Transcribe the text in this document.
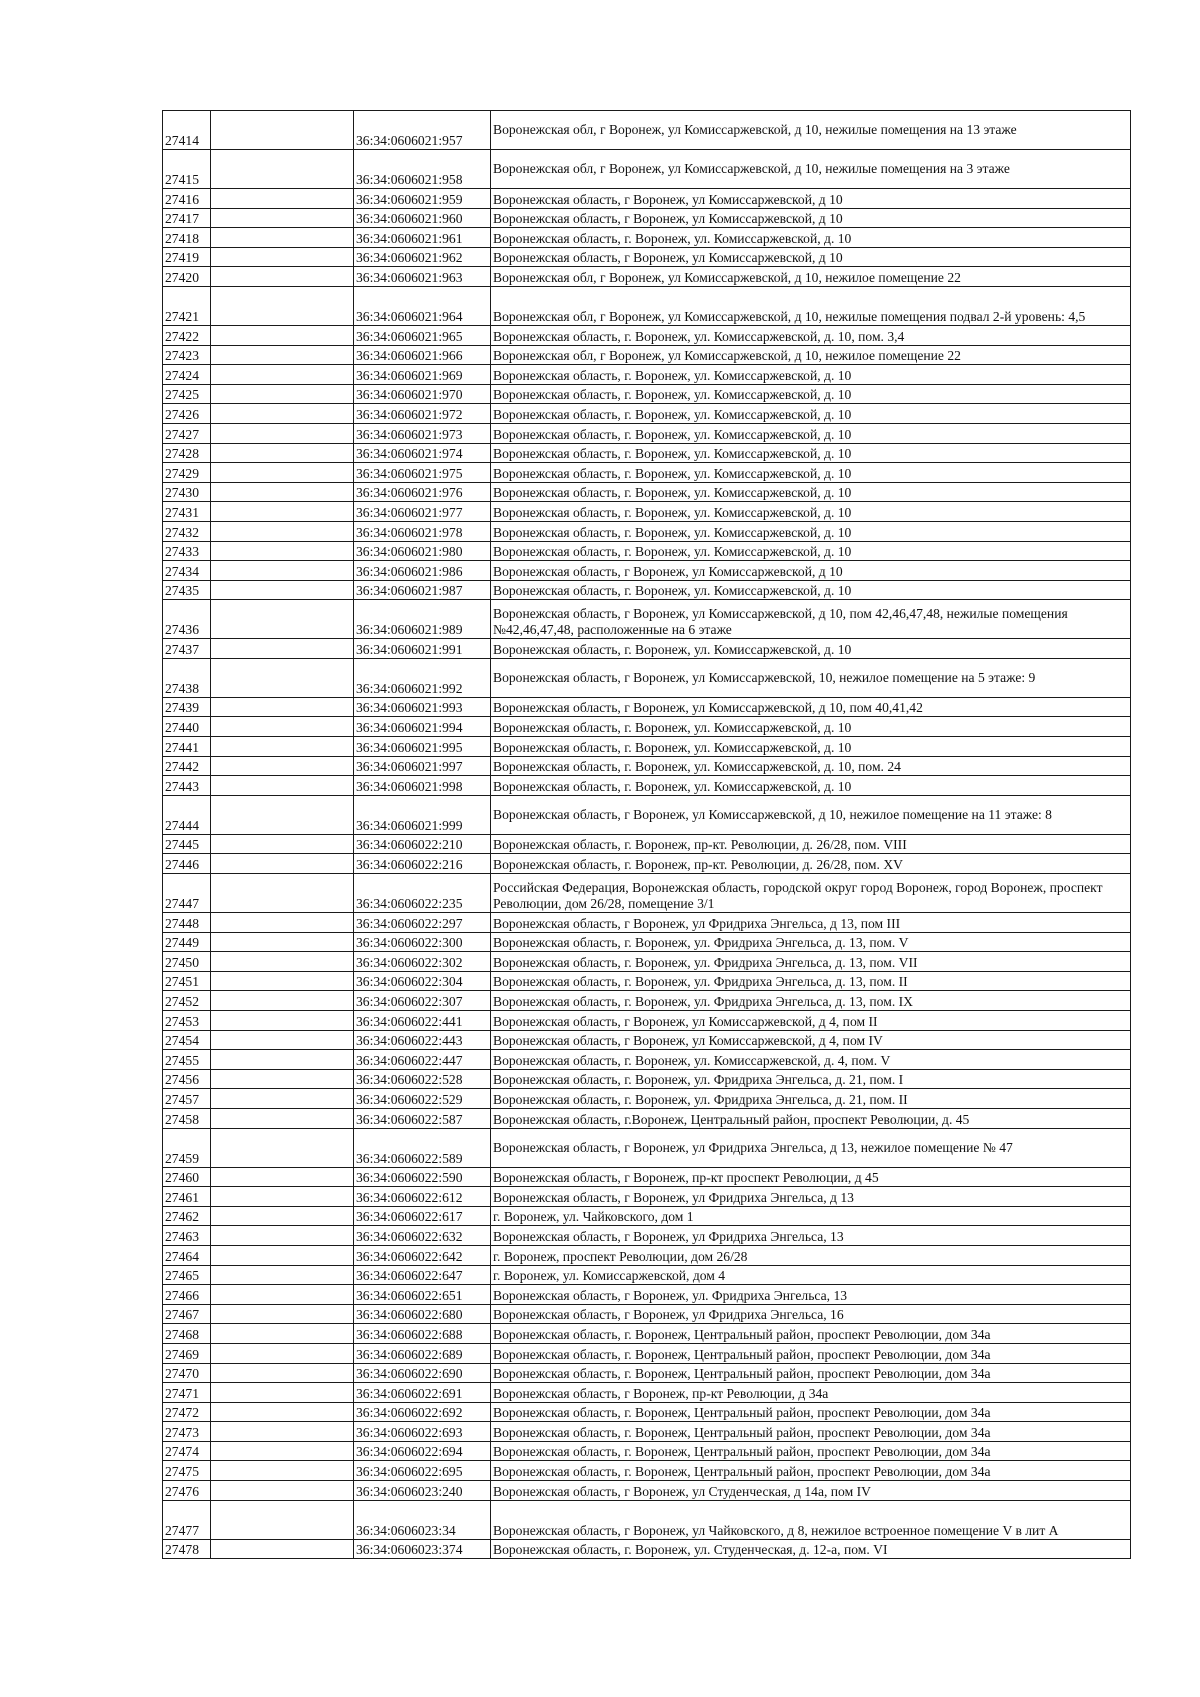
27414		36:34:0606021:957	Воронежская обл, г Воронеж, ул Комиссаржевской, д 10, нежилые помещения на 13 этаже
27415		36:34:0606021:958	Воронежская обл, г Воронеж, ул Комиссаржевской, д 10, нежилые помещения на 3 этаже
27416		36:34:0606021:959	Воронежская область, г Воронеж, ул Комиссаржевской, д 10
27417		36:34:0606021:960	Воронежская область, г Воронеж, ул Комиссаржевской, д 10
27418		36:34:0606021:961	Воронежская область, г. Воронеж, ул. Комиссаржевской, д. 10
27419		36:34:0606021:962	Воронежская область, г Воронеж, ул Комиссаржевской, д 10
27420		36:34:0606021:963	Воронежская обл, г Воронеж, ул Комиссаржевской, д 10, нежилое помещение 22
27421		36:34:0606021:964	Воронежская обл, г Воронеж, ул Комиссаржевской, д 10, нежилые помещения подвал 2-й уровень: 4,5
27422		36:34:0606021:965	Воронежская область, г. Воронеж, ул. Комиссаржевской, д. 10, пом. 3,4
27423		36:34:0606021:966	Воронежская обл, г Воронеж, ул Комиссаржевской, д 10, нежилое помещение 22
27424		36:34:0606021:969	Воронежская область, г. Воронеж, ул. Комиссаржевской, д. 10
27425		36:34:0606021:970	Воронежская область, г. Воронеж, ул. Комиссаржевской, д. 10
27426		36:34:0606021:972	Воронежская область, г. Воронеж, ул. Комиссаржевской, д. 10
27427		36:34:0606021:973	Воронежская область, г. Воронеж, ул. Комиссаржевской, д. 10
27428		36:34:0606021:974	Воронежская область, г. Воронеж, ул. Комиссаржевской, д. 10
27429		36:34:0606021:975	Воронежская область, г. Воронеж, ул. Комиссаржевской, д. 10
27430		36:34:0606021:976	Воронежская область, г. Воронеж, ул. Комиссаржевской, д. 10
27431		36:34:0606021:977	Воронежская область, г. Воронеж, ул. Комиссаржевской, д. 10
27432		36:34:0606021:978	Воронежская область, г. Воронеж, ул. Комиссаржевской, д. 10
27433		36:34:0606021:980	Воронежская область, г. Воронеж, ул. Комиссаржевской, д. 10
27434		36:34:0606021:986	Воронежская область, г Воронеж, ул Комиссаржевской, д 10
27435		36:34:0606021:987	Воронежская область, г. Воронеж, ул. Комиссаржевской, д. 10
27436		36:34:0606021:989	Воронежская область, г Воронеж, ул Комиссаржевской, д 10, пом 42,46,47,48, нежилые помещения №42,46,47,48, расположенные на 6 этаже
27437		36:34:0606021:991	Воронежская область, г. Воронеж, ул. Комиссаржевской, д. 10
27438		36:34:0606021:992	Воронежская область, г Воронеж, ул Комиссаржевской, 10, нежилое помещение на 5 этаже: 9
27439		36:34:0606021:993	Воронежская область, г Воронеж, ул Комиссаржевской, д 10, пом 40,41,42
27440		36:34:0606021:994	Воронежская область, г. Воронеж, ул. Комиссаржевской, д. 10
27441		36:34:0606021:995	Воронежская область, г. Воронеж, ул. Комиссаржевской, д. 10
27442		36:34:0606021:997	Воронежская область, г. Воронеж, ул. Комиссаржевской, д. 10, пом. 24
27443		36:34:0606021:998	Воронежская область, г. Воронеж, ул. Комиссаржевской, д. 10
27444		36:34:0606021:999	Воронежская область, г Воронеж, ул Комиссаржевской, д 10, нежилое помещение на 11 этаже: 8
27445		36:34:0606022:210	Воронежская область, г. Воронеж, пр-кт. Революции, д. 26/28, пом. VIII
27446		36:34:0606022:216	Воронежская область, г. Воронеж, пр-кт. Революции, д. 26/28, пом. XV
27447		36:34:0606022:235	Российская Федерация, Воронежская область, городской округ город Воронеж, город Воронеж, проспект Революции, дом 26/28, помещение 3/1
27448		36:34:0606022:297	Воронежская область, г Воронеж, ул Фридриха Энгельса, д 13, пом III
27449		36:34:0606022:300	Воронежская область, г. Воронеж, ул. Фридриха Энгельса, д. 13, пом. V
27450		36:34:0606022:302	Воронежская область, г. Воронеж, ул. Фридриха Энгельса, д. 13, пом. VII
27451		36:34:0606022:304	Воронежская область, г. Воронеж, ул. Фридриха Энгельса, д. 13, пом. II
27452		36:34:0606022:307	Воронежская область, г. Воронеж, ул. Фридриха Энгельса, д. 13, пом. IX
27453		36:34:0606022:441	Воронежская область, г Воронеж, ул Комиссаржевской, д 4, пом II
27454		36:34:0606022:443	Воронежская область, г Воронеж, ул Комиссаржевской, д 4, пом IV
27455		36:34:0606022:447	Воронежская область, г. Воронеж, ул. Комиссаржевской, д. 4, пом. V
27456		36:34:0606022:528	Воронежская область, г. Воронеж, ул. Фридриха Энгельса, д. 21, пом. I
27457		36:34:0606022:529	Воронежская область, г. Воронеж, ул. Фридриха Энгельса, д. 21, пом. II
27458		36:34:0606022:587	Воронежская область, г.Воронеж, Центральный район, проспект Революции, д. 45
27459		36:34:0606022:589	Воронежская область, г Воронеж, ул Фридриха Энгельса, д 13, нежилое помещение № 47
27460		36:34:0606022:590	Воронежская область, г Воронеж, пр-кт проспект Революции, д 45
27461		36:34:0606022:612	Воронежская область, г Воронеж, ул Фридриха Энгельса, д 13
27462		36:34:0606022:617	г. Воронеж, ул. Чайковского, дом 1
27463		36:34:0606022:632	Воронежская область, г Воронеж, ул Фридриха Энгельса, 13
27464		36:34:0606022:642	г. Воронеж, проспект Революции, дом 26/28
27465		36:34:0606022:647	г. Воронеж, ул. Комиссаржевской, дом 4
27466		36:34:0606022:651	Воронежская область, г Воронеж, ул. Фридриха Энгельса, 13
27467		36:34:0606022:680	Воронежская область, г Воронеж, ул Фридриха Энгельса, 16
27468		36:34:0606022:688	Воронежская область, г. Воронеж, Центральный район, проспект Революции, дом 34а
27469		36:34:0606022:689	Воронежская область, г. Воронеж, Центральный район, проспект Революции, дом 34а
27470		36:34:0606022:690	Воронежская область, г. Воронеж, Центральный район, проспект Революции, дом 34а
27471		36:34:0606022:691	Воронежская область, г Воронеж, пр-кт Революции, д 34а
27472		36:34:0606022:692	Воронежская область, г. Воронеж, Центральный район, проспект Революции, дом 34а
27473		36:34:0606022:693	Воронежская область, г. Воронеж, Центральный район, проспект Революции, дом 34а
27474		36:34:0606022:694	Воронежская область, г. Воронеж, Центральный район, проспект Революции, дом 34а
27475		36:34:0606022:695	Воронежская область, г. Воронеж, Центральный район, проспект Революции, дом 34а
27476		36:34:0606023:240	Воронежская область, г Воронеж, ул Студенческая, д 14а, пом IV
27477		36:34:0606023:34	Воронежская область, г Воронеж, ул Чайковского, д 8, нежилое встроенное помещение V в лит А
27478		36:34:0606023:374	Воронежская область, г. Воронеж, ул. Студенческая, д. 12-а, пом. VI
